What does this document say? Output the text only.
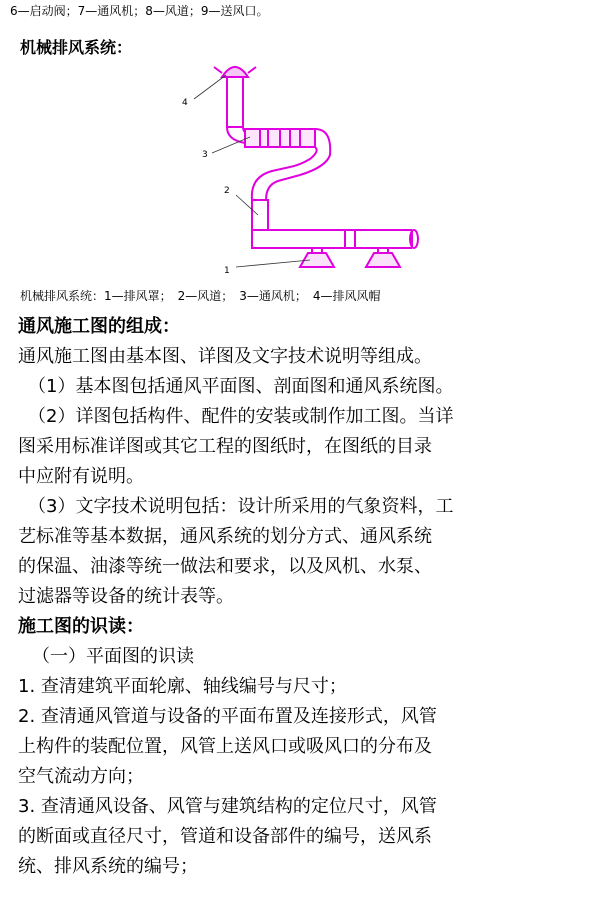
6—启动阀；7—通风机；8—风道；9—送风口。
机械排风系统：
4
3
2
1
机械排风系统：1—排风罩；　2—风道；　3—通风机；　4—排风风帽

通风施工图的组成：

通风施工图由基本图、详图及文字技术说明等组成。

（1）基本图包括通风平面图、剖面图和通风系统图。

（2）详图包括构件、配件的安装或制作加工图。当详

图采用标准详图或其它工程的图纸时，在图纸的目录

中应附有说明。

（3）文字技术说明包括：设计所采用的气象资料，工

艺标准等基本数据，通风系统的划分方式、通风系统

的保温、油漆等统一做法和要求，以及风机、水泵、

过滤器等设备的统计表等。

施工图的识读：

（一）平面图的识读

1. 查清建筑平面轮廓、轴线编号与尺寸；

2. 查清通风管道与设备的平面布置及连接形式，风管

上构件的装配位置，风管上送风口或吸风口的分布及

空气流动方向；

3. 查清通风设备、风管与建筑结构的定位尺寸，风管

的断面或直径尺寸，管道和设备部件的编号，送风系

统、排风系统的编号；
